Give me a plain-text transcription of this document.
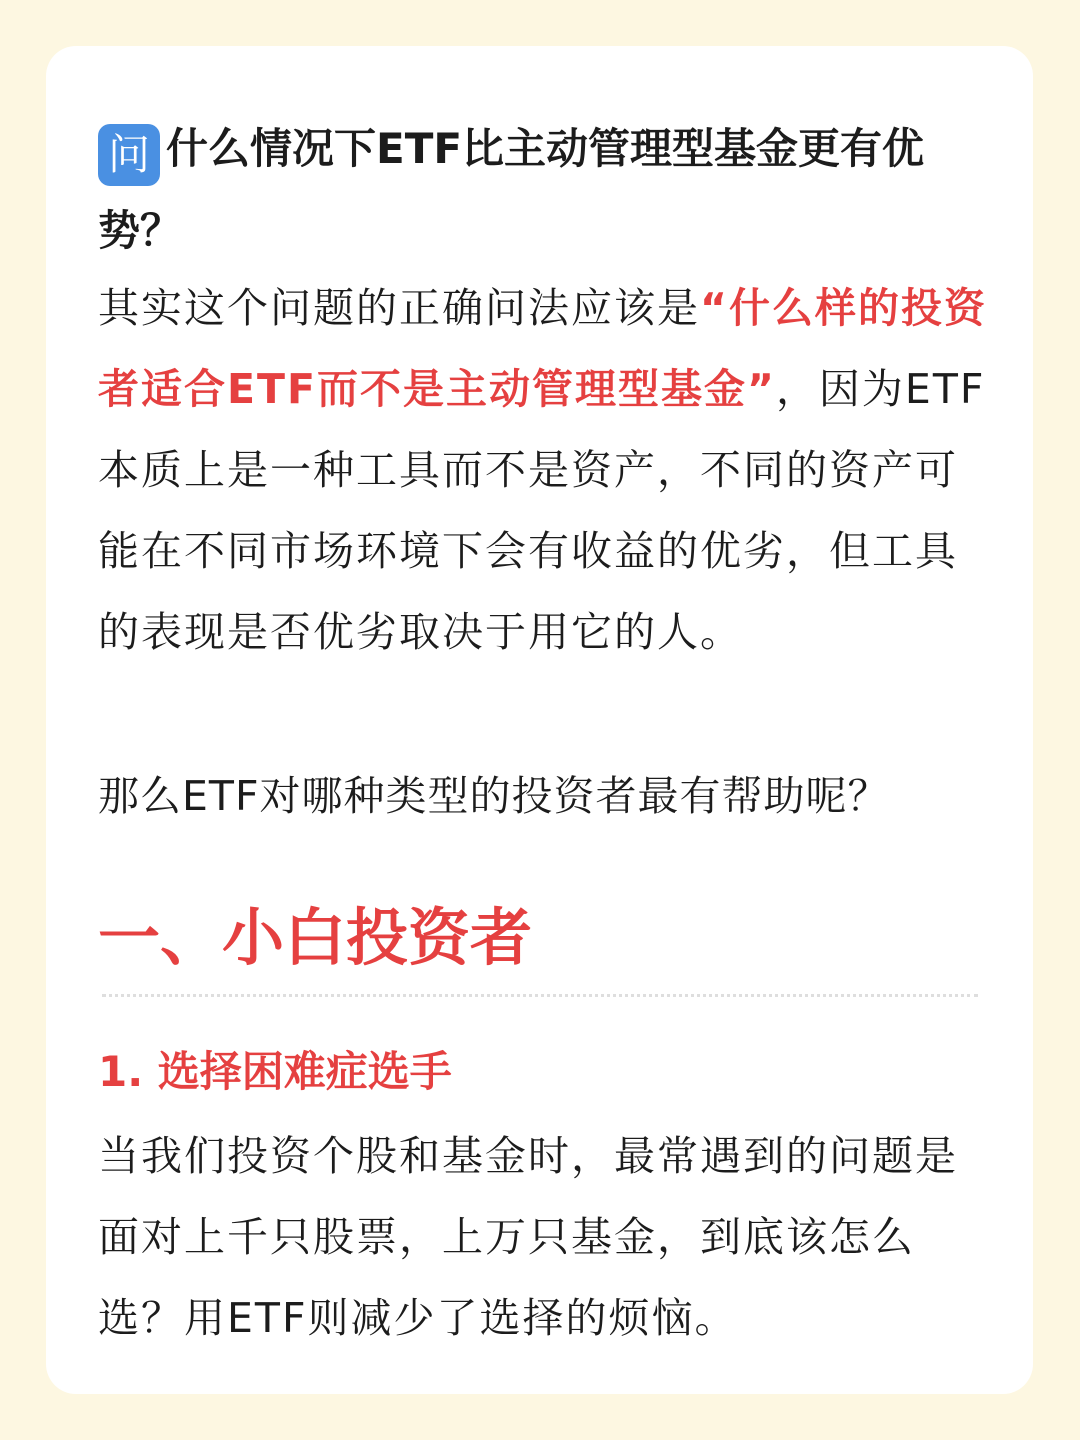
问 什么情况下ETF比主动管理型基金更有优势？

其实这个问题的正确问法应该是“什么样的投资者适合ETF而不是主动管理型基金”，因为ETF本质上是一种工具而不是资产，不同的资产可能在不同市场环境下会有收益的优劣，但工具的表现是否优劣取决于用它的人。

那么ETF对哪种类型的投资者最有帮助呢？

一、小白投资者
1. 选择困难症选手

当我们投资个股和基金时，最常遇到的问题是面对上千只股票，上万只基金，到底该怎么选？用ETF则减少了选择的烦恼。
